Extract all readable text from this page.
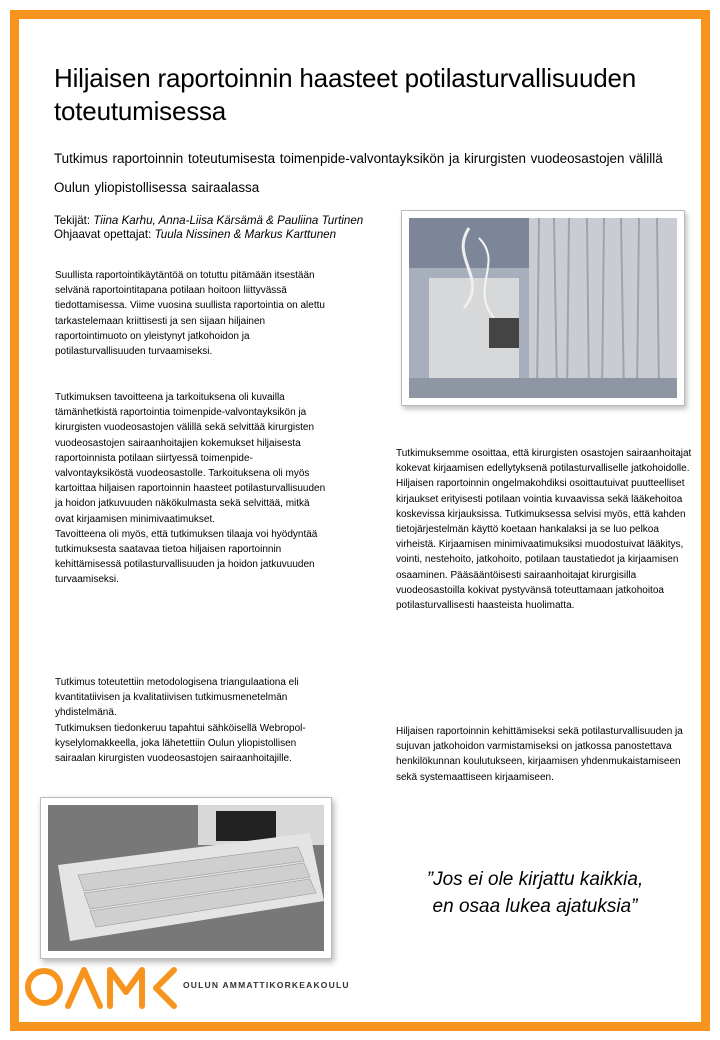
Hiljaisen raportoinnin haasteet potilasturvallisuuden toteutumisessa
Tutkimus raportoinnin toteutumisesta toimenpide-valvontayksikön ja kirurgisten vuodeosastojen välillä Oulun yliopistollisessa sairaalassa
Tekijät: Tiina Karhu, Anna-Liisa Kärsämä & Pauliina Turtinen
Ohjaavat opettajat: Tuula Nissinen & Markus Karttunen

Suullista raportointikäytäntöä on totuttu pitämään itsestään selvänä raportointitapana potilaan hoitoon liittyvässä tiedottamisessa. Viime vuosina suullista raportointia on alettu tarkastelemaan kriittisesti ja sen sijaan hiljainen raportointimuoto on yleistynyt jatkohoidon ja potilasturvallisuuden turvaamiseksi.

Tutkimuksen tavoitteena ja tarkoituksena oli kuvailla tämänhetkistä raportointia toimenpide-valvontayksikön ja kirurgisten vuodeosastojen välillä sekä selvittää kirurgisten vuodeosastojen sairaanhoitajien kokemukset hiljaisesta raportoinnista potilaan siirtyessä toimenpide-valvontayksiköstä vuodeosastolle. Tarkoituksena oli myös kartoittaa hiljaisen raportoinnin haasteet potilasturvallisuuden ja hoidon jatkuvuuden näkökulmasta sekä selvittää, mitkä ovat kirjaamisen minimivaatimukset.

Tavoitteena oli myös, että tutkimuksen tilaaja voi hyödyntää tutkimuksesta saatavaa tietoa hiljaisen raportoinnin kehittämisessä potilasturvallisuuden ja hoidon jatkuvuuden turvaamiseksi.

Tutkimus toteutettiin metodologisena triangulaationa eli kvantitatiivisen ja kvalitatiivisen tutkimusmenetelmän yhdistelmänä.

Tutkimuksen tiedonkeruu tapahtui sähköisellä Webropol-kyselylomakkeella, joka lähetettiin Oulun yliopistollisen sairaalan kirurgisten vuodeosastojen sairaanhoitajille.

Tutkimuksemme osoittaa, että kirurgisten osastojen sairaanhoitajat kokevat kirjaamisen edellytyksenä potilasturvalliselle jatkohoidolle. Hiljaisen raportoinnin ongelmakohdiksi osoittautuivat puutteelliset kirjaukset erityisesti potilaan vointia kuvaavissa sekä lääkehoitoa koskevissa kirjauksissa. Tutkimuksessa selvisi myös, että kahden tietojärjestelmän käyttö koetaan hankalaksi ja se luo pelkoa virheistä. Kirjaamisen minimivaatimuksiksi muodostuivat lääkitys, vointi, nestehoito, jatkohoito, potilaan taustatiedot ja kirjaamisen osaaminen. Pääsääntöisesti sairaanhoitajat kirurgisilla vuodeosastoilla kokivat pystyvänsä toteuttamaan jatkohoitoa potilasturvallisesti haasteista huolimatta.

Hiljaisen raportoinnin kehittämiseksi sekä potilasturvallisuuden ja sujuvan jatkohoidon varmistamiseksi on jatkossa panostettava henkilökunnan koulutukseen, kirjaamisen yhdenmukaistamiseen sekä systemaattiseen kirjaamiseen.

”Jos ei ole kirjattu kaikkia,
en osaa lukea ajatuksia”
OULUN AMMATTIKORKEAKOULU
